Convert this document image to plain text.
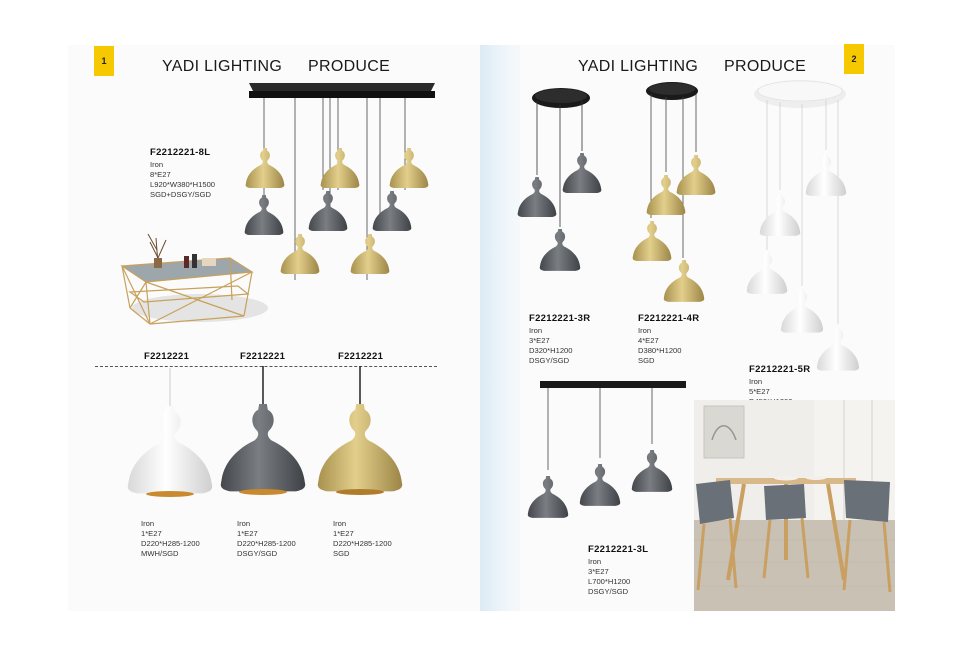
1	YADI LIGHTING PRODUCE	YADI LIGHTING PRODUCE	2
F2212221-8L
Iron
8*E27
L920*W380*H1500
SGD+DSGY/SGD
F2212221	F2212221	F2212221
Iron
1*E27
D220*H285-1200
MWH/SGD
Iron
1*E27
D220*H285-1200
DSGY/SGD
Iron
1*E27
D220*H285-1200
SGD
F2212221-3R
Iron
3*E27
D320*H1200
DSGY/SGD
F2212221-4R
Iron
4*E27
D380*H1200
SGD
F2212221-5R
Iron
5*E27
F2212221-3L
Iron
3*E27
L700*H1200
DSGY/SGD
